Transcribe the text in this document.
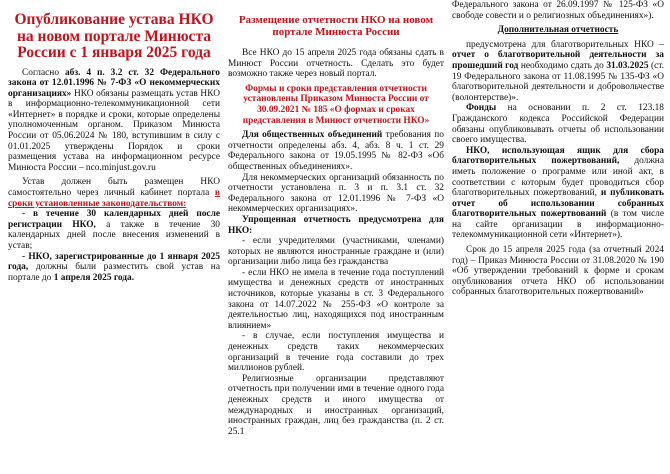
Опубликование устава НКО на новом портале Минюста России с 1 января 2025 года

Согласно абз. 4 п. 3.2 ст. 32 Федерального закона от 12.01.1996 № 7-ФЗ «О некоммерческих организациях» НКО обязаны размещать устав НКО в информационно-телекоммуникационной сети «Интернет» в порядке и сроки, которые определены уполномоченным органом. Приказом Минюста России от 05.06.2024 № 180, вступившим в силу с 01.01.2025 утверждены Порядок и сроки размещения устава на информационном ресурсе Минюста России – nco.minjust.gov.ru

Устав должен быть размещен НКО самостоятельно через личный кабинет портала в сроки установленные законодательством:

- в течение 30 календарных дней после регистрации НКО, а также в течение 30 календарных дней после внесения изменений в устав;

- НКО, зарегистрированные до 1 января 2025 года, должны были разместить свой устав на портале до 1 апреля 2025 года.

Размещение отчетности НКО на новом портале Минюста России

Все НКО до 15 апреля 2025 года обязаны сдать в Минюст России отчетность. Сделать это будет возможно также через новый портал.

Формы и сроки представления отчетности установлены Приказом Минюста России от 30.09.2021 № 185 «О формах и сроках представления в Минюст отчетности НКО»

Для общественных объединений требования по отчетности определены абз. 4, абз. 8 ч. 1 ст. 29 Федерального закона от 19.05.1995 № 82-ФЗ «Об общественных объединениях».

Для некоммерческих организаций обязанность по отчетности установлена п. 3 и п. 3.1 ст. 32 Федерального закона от 12.01.1996 № 7-ФЗ «О некоммерческих организациях».

Упрощенная отчетность предусмотрена для НКО:

- если учредителями (участниками, членами) которых не являются иностранные граждане и (или) организации либо лица без гражданства

- если НКО не имела в течение года поступлений имущества и денежных средств от иностранных источников, которые указаны в ст. 3 Федерального закона от 14.07.2022 № 255-ФЗ «О контроле за деятельностью лиц, находящихся под иностранным влиянием»

- в случае, если поступления имущества и денежных средств таких некоммерческих организаций в течение года составили до трех миллионов рублей.

Религиозные организации представляют отчетность при получении ими в течение одного года денежных средств и иного имущества от международных и иностранных организаций, иностранных граждан, лиц без гражданства (п. 2 ст. 25.1

Федерального закона от 26.09.1997 № 125-ФЗ «О свободе совести и о религиозных объединениях»).

Дополнительная отчетность

предусмотрена для благотворительных НКО – отчет о благотворительной деятельности за прошедший год необходимо сдать до 31.03.2025 (ст. 19 Федерального закона от 11.08.1995 № 135-ФЗ «О благотворительной деятельности и добровольчестве (волонтерстве)».

Фонды на основании п. 2 ст. 123.18 Гражданского кодекса Российской Федерации обязаны опубликовывать отчеты об использовании своего имущества.

НКО, использующая ящик для сбора благотворительных пожертвований, должна иметь положение о программе или иной акт, в соответствии с которым будет проводиться сбор благотворительных пожертвований, и публиковать отчет об использовании собранных благотворительных пожертвований (в том числе на сайте организации в информационно-телекоммуникационной сети «Интернет»).

Срок до 15 апреля 2025 года (за отчетный 2024 год) – Приказ Минюста России от 31.08.2020 № 190 «Об утверждении требований к форме и срокам опубликования отчета НКО об использовании собранных благотворительных пожертвований»
